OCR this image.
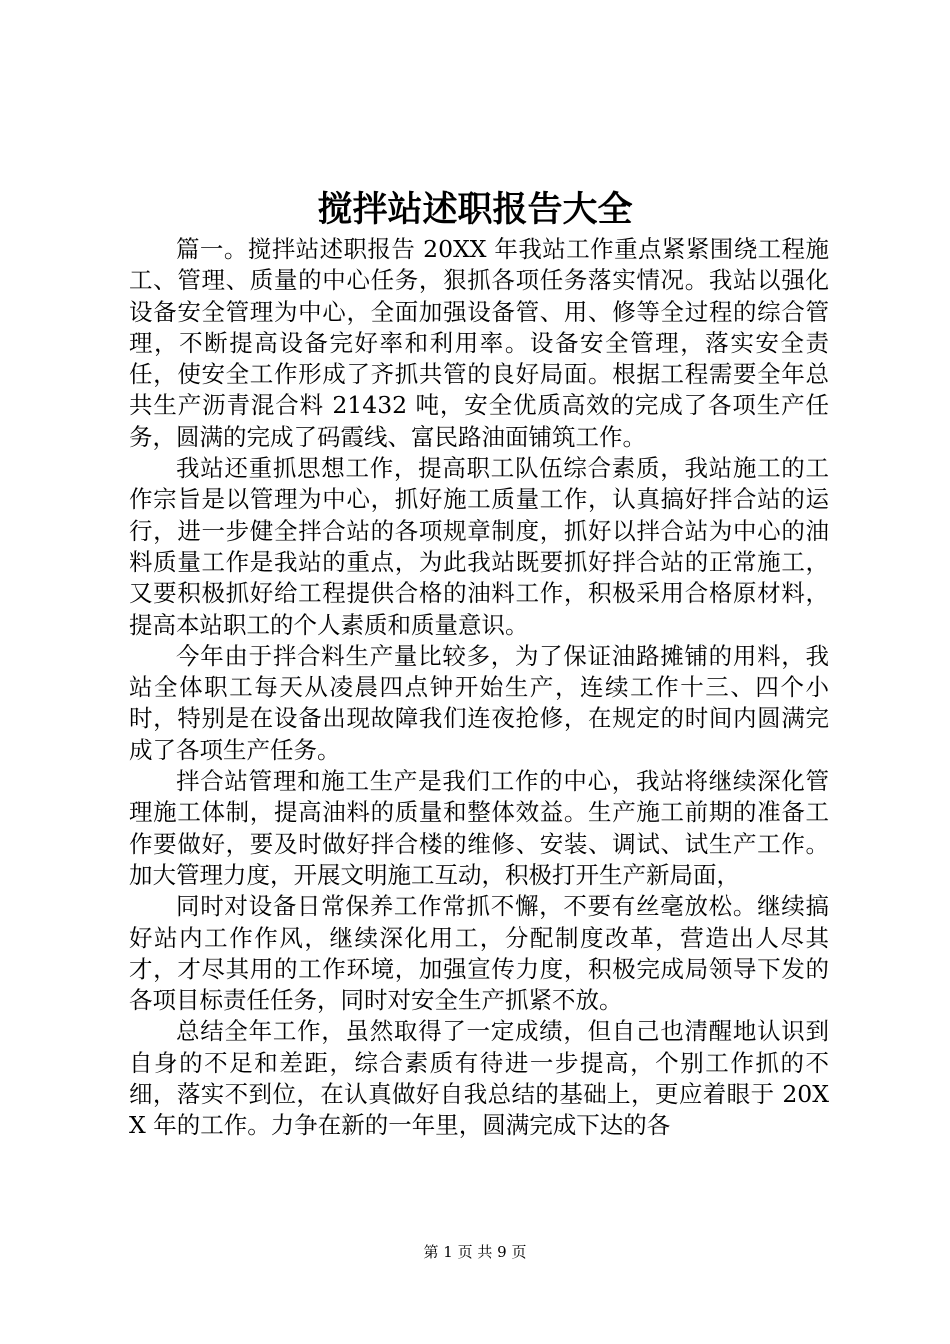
搅拌站述职报告大全

篇一。搅拌站述职报告 20XX 年我站工作重点紧紧围绕工程施工、管理、质量的中心任务，狠抓各项任务落实情况。我站以强化设备安全管理为中心，全面加强设备管、用、修等全过程的综合管理，不断提高设备完好率和利用率。设备安全管理，落实安全责任，使安全工作形成了齐抓共管的良好局面。根据工程需要全年总共生产沥青混合料 21432 吨，安全优质高效的完成了各项生产任务，圆满的完成了码霞线、富民路油面铺筑工作。

我站还重抓思想工作，提高职工队伍综合素质，我站施工的工作宗旨是以管理为中心，抓好施工质量工作，认真搞好拌合站的运行，进一步健全拌合站的各项规章制度，抓好以拌合站为中心的油料质量工作是我站的重点，为此我站既要抓好拌合站的正常施工，又要积极抓好给工程提供合格的油料工作，积极采用合格原材料，提高本站职工的个人素质和质量意识。

今年由于拌合料生产量比较多，为了保证油路摊铺的用料，我站全体职工每天从凌晨四点钟开始生产，连续工作十三、四个小时，特别是在设备出现故障我们连夜抢修，在规定的时间内圆满完成了各项生产任务。

拌合站管理和施工生产是我们工作的中心，我站将继续深化管理施工体制，提高油料的质量和整体效益。生产施工前期的准备工作要做好，要及时做好拌合楼的维修、安装、调试、试生产工作。加大管理力度，开展文明施工互动，积极打开生产新局面，

同时对设备日常保养工作常抓不懈，不要有丝毫放松。继续搞好站内工作作风，继续深化用工，分配制度改革，营造出人尽其才，才尽其用的工作环境，加强宣传力度，积极完成局领导下发的各项目标责任任务，同时对安全生产抓紧不放。

总结全年工作，虽然取得了一定成绩，但自己也清醒地认识到自身的不足和差距，综合素质有待进一步提高，个别工作抓的不细，落实不到位，在认真做好自我总结的基础上，更应着眼于 20XX 年的工作。力争在新的一年里，圆满完成下达的各

第 1 页 共 9 页
